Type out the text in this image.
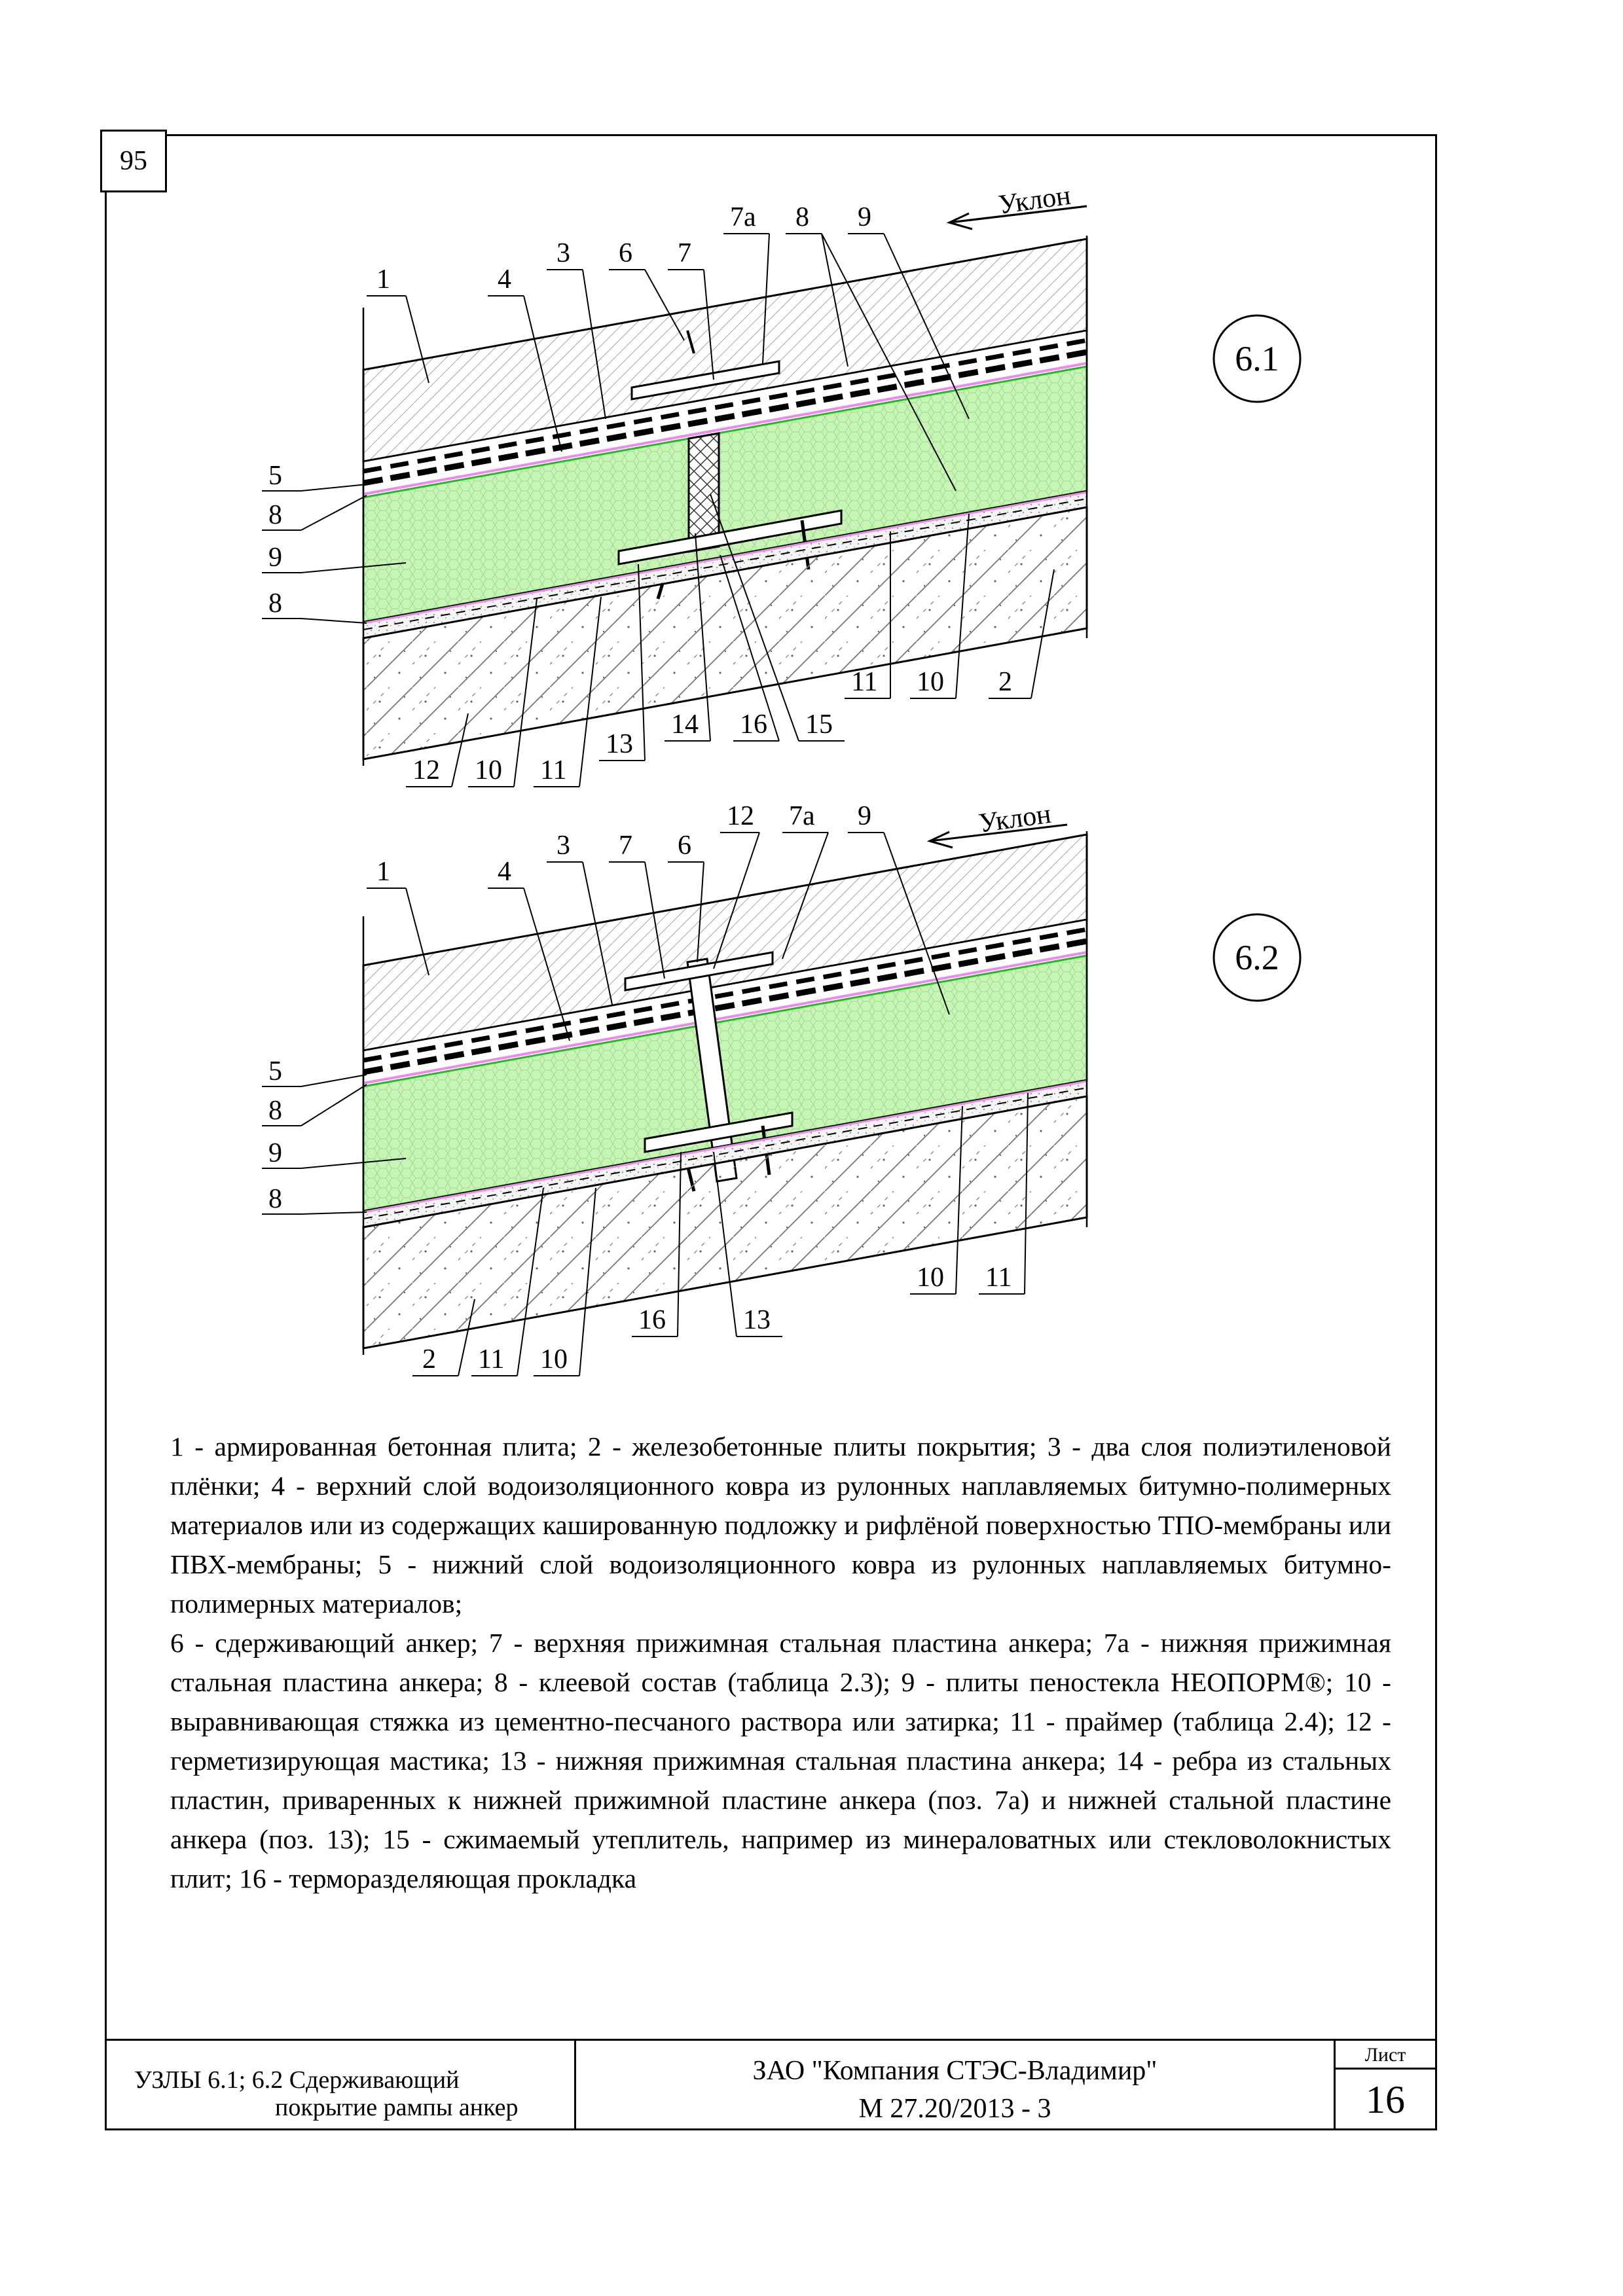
95
Уклон
6.1
1	4
3 6 7
7а 8 9
5
8
9
8
12 10 11
13
14 16 15
11 10 2
Уклон
6.2
1	4
3 7 6
12 7а 9
5
8
9
8
2 11 10
16	13
10 11

1 - армированная бетонная плита; 2 - железобетонные плиты покрытия; 3 - два слоя полиэтиленовой плёнки; 4 - верхний слой водоизоляционного ковра из рулонных наплавляемых битумно-полимерных материалов или из содержащих кашированную подложку и рифлёной поверхностью ТПО-мембраны или ПВХ-мембраны; 5 - нижний слой водоизоляционного ковра из рулонных наплавляемых битумно-полимерных материалов;

6 - сдерживающий анкер; 7 - верхняя прижимная стальная пластина анкера; 7а - нижняя прижимная стальная пластина анкера; 8 - клеевой состав (таблица 2.3); 9 - плиты пеностекла НЕОПОРМ®; 10 - выравнивающая стяжка из цементно-песчаного раствора или затирка; 11 - праймер (таблица 2.4); 12 - герметизирующая мастика; 13 - нижняя прижимная стальная пластина анкера; 14 - ребра из стальных пластин, приваренных к нижней прижимной пластине анкера (поз. 7а) и нижней стальной пластине анкера (поз. 13); 15 - сжимаемый утеплитель, например из минераловатных или стекловолокнистых плит; 16 - терморазделяющая прокладка

УЗЛЫ 6.1; 6.2 Сдерживающий
покрытие рампы анкер
ЗАО "Компания СТЭС-Владимир"
М 27.20/2013 - 3
Лист
16
